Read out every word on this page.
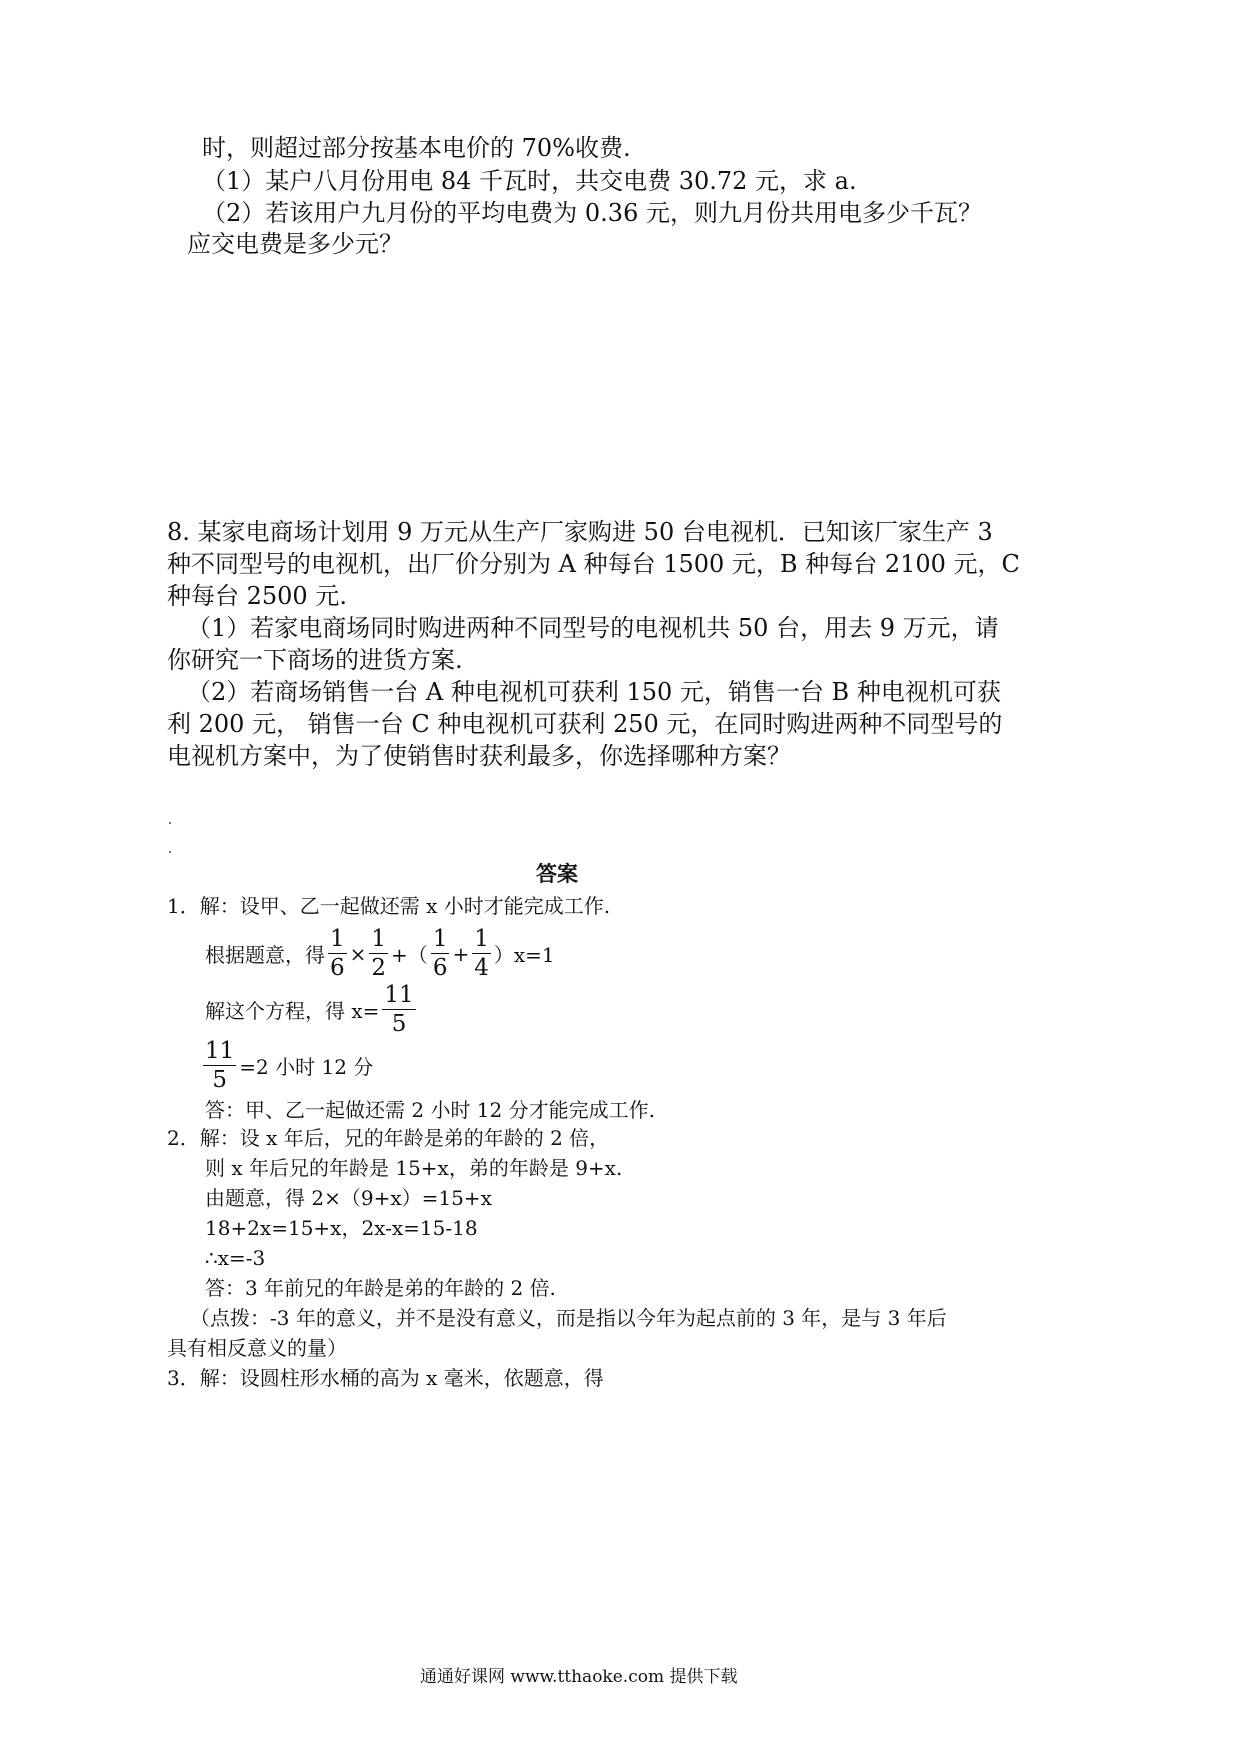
时，则超过部分按基本电价的 70%收费.
（1）某户八月份用电 84 千瓦时，共交电费 30.72 元，求 a.
（2）若该用户九月份的平均电费为 0.36 元，则九月份共用电多少千瓦？
应交电费是多少元？
8. 某家电商场计划用 9 万元从生产厂家购进 50 台电视机．已知该厂家生产 3
种不同型号的电视机，出厂价分别为 A 种每台 1500 元，B 种每台 2100 元，C
种每台 2500 元.
（1）若家电商场同时购进两种不同型号的电视机共 50 台，用去 9 万元，请
你研究一下商场的进货方案.
（2）若商场销售一台 A 种电视机可获利 150 元，销售一台 B 种电视机可获
利 200 元， 销售一台 C 种电视机可获利 250 元，在同时购进两种不同型号的
电视机方案中，为了使销售时获利最多，你选择哪种方案？
答案
1．解：设甲、乙一起做还需 x 小时才能完成工作.
根据题意，得 $\frac{1}{6} \times \frac{1}{2}$ +（ $\frac{1}{6} + \frac{1}{4} )x=1$
解这个方程，得 $x= \frac{11}{5}$
$\frac{11}{5} =2$ 小时 12 分
答：甲、乙一起做还需 2 小时 12 分才能完成工作.
2．解：设 x 年后，兄的年龄是弟的年龄的 2 倍，
则 x 年后兄的年龄是 15+x，弟的年龄是 9+x.
由题意，得 2×（9+x）=15+x
18+2x=15+x，2x-x=15-18
∴x=-3
答：3 年前兄的年龄是弟的年龄的 2 倍.
（点拨：-3 年的意义，并不是没有意义，而是指以今年为起点前的 3 年，是与 3 年后
具有相反意义的量）
3．解：设圆柱形水桶的高为 x 毫米，依题意，得
通通好课网 www.tthaoke.com 提供下载
